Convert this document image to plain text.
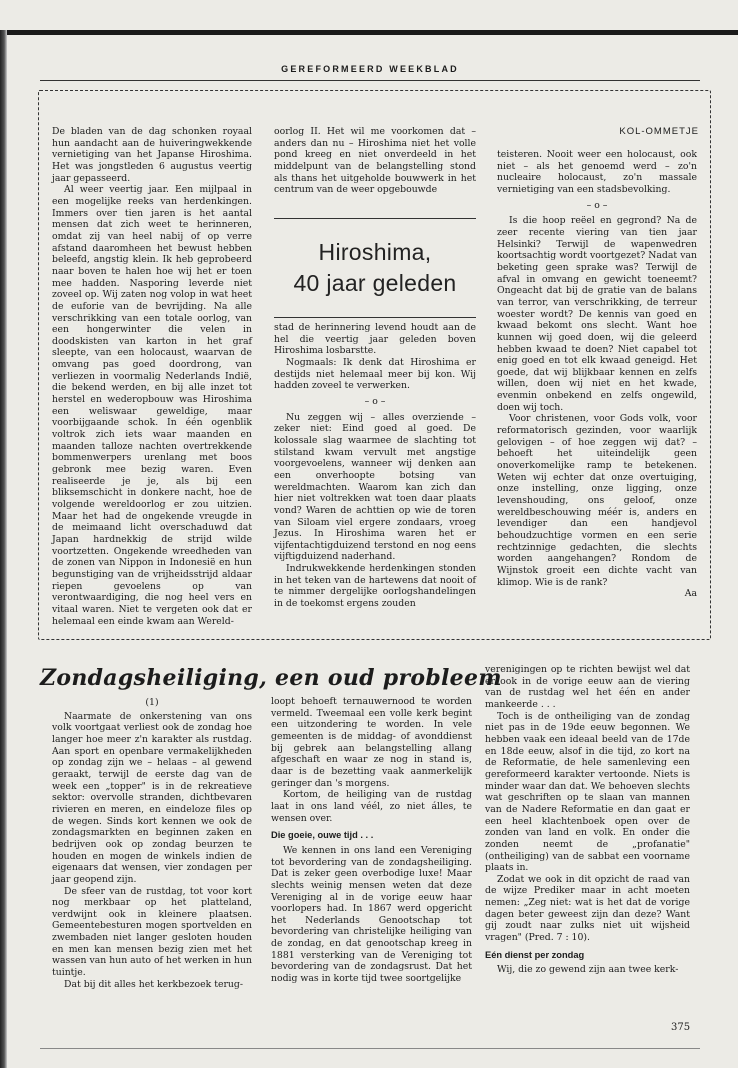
GEREFORMEERD WEEKBLAD

De bladen van de dag schonken royaal hun aandacht aan de huiveringwekkende vernietiging van het Japanse Hiroshima. Het was jongstleden 6 augustus veertig jaar gepasseerd.

Al weer veertig jaar. Een mijlpaal in een mogelijke reeks van herdenkingen. Immers over tien jaren is het aantal mensen dat zich weet te herinneren, omdat zij van heel nabij of op verre afstand daaromheen het bewust hebben beleefd, angstig klein. Ik heb geprobeerd naar boven te halen hoe wij het er toen mee hadden. Nasporing leverde niet zoveel op. Wij zaten nog volop in wat heet de euforie van de bevrijding. Na alle verschrikking van een totale oorlog, van een hongerwinter die velen in doodskisten van karton in het graf sleepte, van een holocaust, waarvan de omvang pas goed doordrong, van verliezen in voormalig Nederlands Indië, die bekend werden, en bij alle inzet tot herstel en wederopbouw was Hiroshima een weliswaar geweldige, maar voorbijgaande schok. In één ogenblik voltrok zich iets waar maanden en maanden talloze nachten overtrekkende bommenwerpers urenlang met boos gebronk mee bezig waren. Even realiseerde je je, als bij een bliksemschicht in donkere nacht, hoe de volgende wereldoorlog er zou uitzien. Maar het had de ongekende vreugde in de meimaand licht overschaduwd dat Japan hardnekkig de strijd wilde voortzetten. Ongekende wreedheden van de zonen van Nippon in Indonesië en hun begunstiging van de vrijheidsstrijd aldaar riepen gevoelens op van verontwaardiging, die nog heel vers en vitaal waren. Niet te vergeten ook dat er helemaal een einde kwam aan Wereld-

oorlog II. Het wil me voorkomen dat – anders dan nu – Hiroshima niet het volle pond kreeg en niet onverdeeld in het middelpunt van de belangstelling stond als thans het uitgeholde bouwwerk in het centrum van de weer opgebouwde

Hiroshima,
40 jaar geleden

stad de herinnering levend houdt aan de hel die veertig jaar geleden boven Hiroshima losbarstte.

Nogmaals: Ik denk dat Hiroshima er destijds niet helemaal meer bij kon. Wij hadden zoveel te verwerken.

– o –

Nu zeggen wij – alles overziende – zeker niet: Eind goed al goed. De kolossale slag waarmee de slachting tot stilstand kwam vervult met angstige voorgevoelens, wanneer wij denken aan een onverhoopte botsing van wereldmachten. Waarom kan zich dan hier niet voltrekken wat toen daar plaats vond? Waren de achttien op wie de toren van Siloam viel ergere zondaars, vroeg Jezus. In Hiroshima waren het er vijfentachtigduizend terstond en nog eens vijftigduizend naderhand.

Indrukwekkende herdenkingen stonden in het teken van de hartewens dat nooit of te nimmer dergelijke oorlogshandelingen in de toekomst ergens zouden

KOL-OMMETJE

teisteren. Nooit weer een holocaust, ook niet – als het genoemd werd – zo'n nucleaire holocaust, zo'n massale vernietiging van een stadsbevolking.

– o –

Is die hoop reëel en gegrond? Na de zeer recente viering van tien jaar Helsinki? Terwijl de wapenwedren koortsachtig wordt voortgezet? Nadat van beketing geen sprake was? Terwijl de afval in omvang en gewicht toeneemt? Ongeacht dat bij de gratie van de balans van terror, van verschrikking, de terreur woester wordt? De kennis van goed en kwaad bekomt ons slecht. Want hoe kunnen wij goed doen, wij die geleerd hebben kwaad te doen? Niet capabel tot enig goed en tot elk kwaad geneigd. Het goede, dat wij blijkbaar kennen en zelfs willen, doen wij niet en het kwade, evenmin onbekend en zelfs ongewild, doen wij toch.

Voor christenen, voor Gods volk, voor reformatorisch gezinden, voor waarlijk gelovigen – of hoe zeggen wij dat? – behoeft het uiteindelijk geen onoverkomelijke ramp te betekenen. Weten wij echter dat onze overtuiging, onze instelling, onze ligging, onze levenshouding, ons geloof, onze wereldbeschouwing méér is, anders en levendiger dan een handjevol behoudzuchtige vormen en een serie rechtzinnige gedachten, die slechts worden aangehangen? Rondom de Wijnstok groeit een dichte vacht van klimop. Wie is de rank?

Aa
Zondagsheiliging, een oud probleem
(1)

Naarmate de onkerstening van ons volk voortgaat verliest ook de zondag hoe langer hoe meer z'n karakter als rustdag. Aan sport en openbare vermakelijkheden op zondag zijn we – helaas – al gewend geraakt, terwijl de eerste dag van de week een „topper" is in de rekreatieve sektor: overvolle stranden, dichtbevaren rivieren en meren, en eindeloze files op de wegen. Sinds kort kennen we ook de zondagsmarkten en beginnen zaken en bedrijven ook op zondag beurzen te houden en mogen de winkels indien de eigenaars dat wensen, vier zondagen per jaar geopend zijn.

De sfeer van de rustdag, tot voor kort nog merkbaar op het platteland, verdwijnt ook in kleinere plaatsen. Gemeentebesturen mogen sportvelden en zwembaden niet langer gesloten houden en men kan mensen bezig zien met het wassen van hun auto of het werken in hun tuintje.

Dat bij dit alles het kerkbezoek terug-

loopt behoeft ternauwernood te worden vermeld. Tweemaal een volle kerk begint een uitzondering te worden. In vele gemeenten is de middag- of avonddienst bij gebrek aan belangstelling allang afgeschaft en waar ze nog in stand is, daar is de bezetting vaak aanmerkelijk geringer dan 's morgens.

Kortom, de heiliging van de rustdag laat in ons land véél, zo niet álles, te wensen over.

Die goeie, ouwe tijd . . .

We kennen in ons land een Vereniging tot bevordering van de zondagsheiliging. Dat is zeker geen overbodige luxe! Maar slechts weinig mensen weten dat deze Vereniging al in de vorige eeuw haar voorlopers had. In 1867 werd opgericht het Nederlands Genootschap tot bevordering van christelijke heiliging van de zondag, en dat genootschap kreeg in 1881 versterking van de Vereniging tot bevordering van de zondagsrust. Dat het nodig was in korte tijd twee soortgelijke

verenigingen op te richten bewijst wel dat er ook in de vorige eeuw aan de viering van de rustdag wel het één en ander mankeerde . . .

Toch is de ontheiliging van de zondag niet pas in de 19de eeuw begonnen. We hebben vaak een ideaal beeld van de 17de en 18de eeuw, alsof in die tijd, zo kort na de Reformatie, de hele samenleving een gereformeerd karakter vertoonde. Niets is minder waar dan dat. We behoeven slechts wat geschriften op te slaan van mannen van de Nadere Reformatie en dan gaat er een heel klachtenboek open over de zonden van land en volk. En onder die zonden neemt de „profanatie" (ontheiliging) van de sabbat een voorname plaats in.

Zodat we ook in dit opzicht de raad van de wijze Prediker maar in acht moeten nemen: „Zeg niet: wat is het dat de vorige dagen beter geweest zijn dan deze? Want gij zoudt naar zulks niet uit wijsheid vragen" (Pred. 7 : 10).

Eén dienst per zondag

Wij, die zo gewend zijn aan twee kerk-

375
